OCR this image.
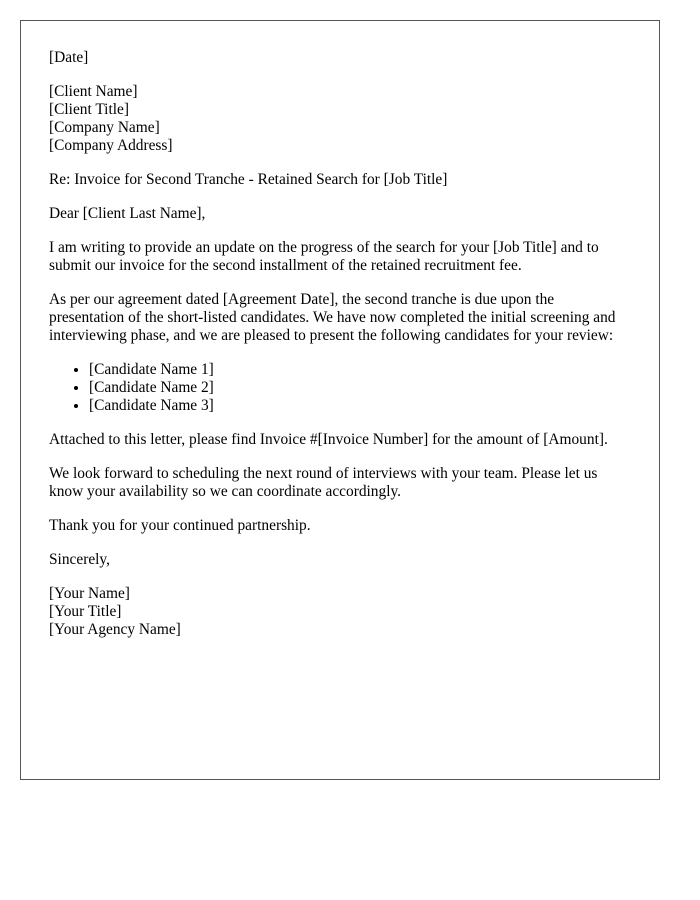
[Date]

[Client Name]
[Client Title]
[Company Name]
[Company Address]

Re: Invoice for Second Tranche - Retained Search for [Job Title]

Dear [Client Last Name],

I am writing to provide an update on the progress of the search for your [Job Title] and to submit our invoice for the second installment of the retained recruitment fee.

As per our agreement dated [Agreement Date], the second tranche is due upon the presentation of the short-listed candidates. We have now completed the initial screening and interviewing phase, and we are pleased to present the following candidates for your review:

• [Candidate Name 1]
• [Candidate Name 2]
• [Candidate Name 3]

Attached to this letter, please find Invoice #[Invoice Number] for the amount of [Amount].

We look forward to scheduling the next round of interviews with your team. Please let us know your availability so we can coordinate accordingly.

Thank you for your continued partnership.

Sincerely,

[Your Name]
[Your Title]
[Your Agency Name]
